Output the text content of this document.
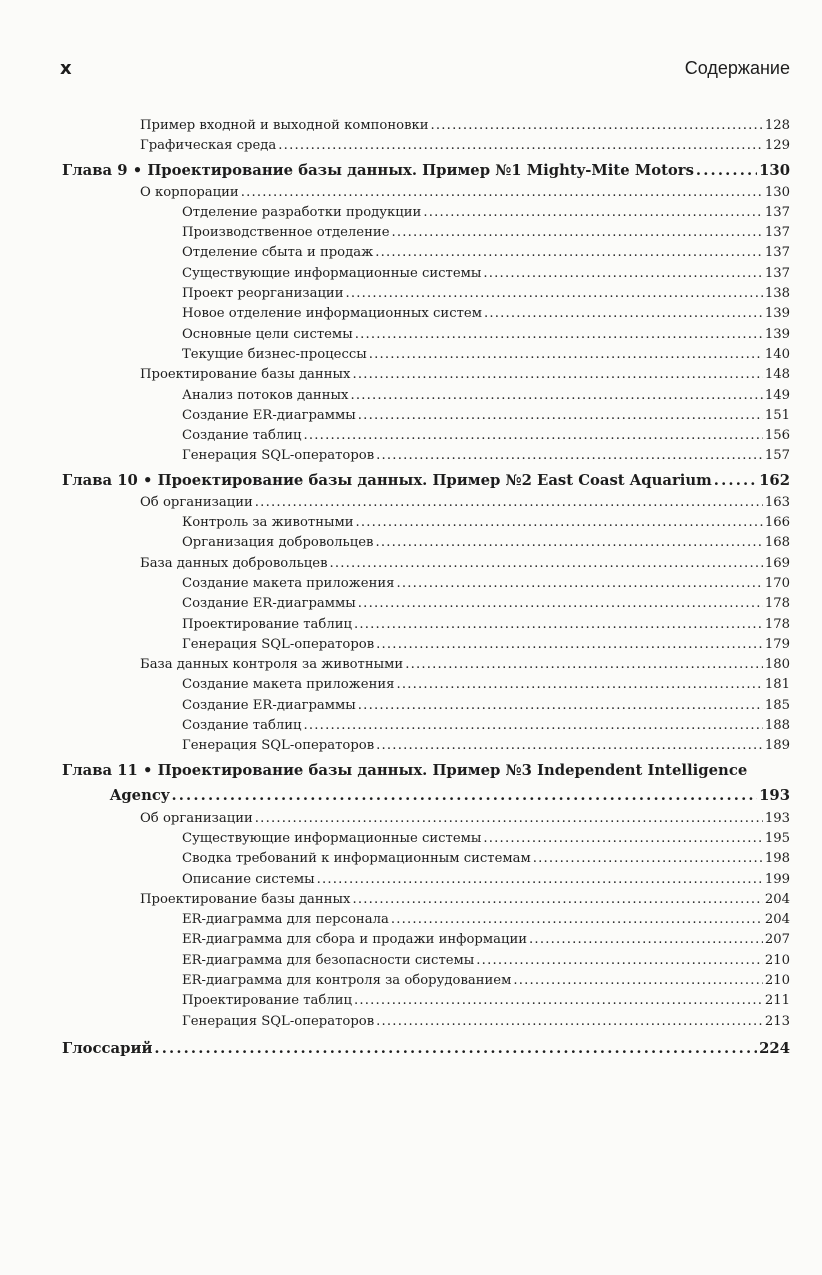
x	Содержание
Пример входной и выходной компоновки . . .	128
Графическая среда . . .	129
Глава 9 • Проектирование базы данных. Пример №1 Mighty-Mite Motors . . .	130
О корпорации . . .	130
Отделение разработки продукции . . .	137
Производственное отделение . . .	137
Отделение сбыта и продаж . . .	137
Существующие информационные системы . . .	137
Проект реорганизации . . .	138
Новое отделение информационных систем . . .	139
Основные цели системы . . .	139
Текущие бизнес-процессы . . .	140
Проектирование базы данных . . .	148
Анализ потоков данных . . .	149
Создание ER-диаграммы . . .	151
Создание таблиц . . .	156
Генерация SQL-операторов . . .	157
Глава 10 • Проектирование базы данных. Пример №2 East Coast Aquarium . . .	162
Об организации . . .	163
Контроль за животными . . .	166
Организация добровольцев . . .	168
База данных добровольцев . . .	169
Создание макета приложения . . .	170
Создание ER-диаграммы . . .	178
Проектирование таблиц . . .	178
Генерация SQL-операторов . . .	179
База данных контроля за животными . . .	180
Создание макета приложения . . .	181
Создание ER-диаграммы . . .	185
Создание таблиц . . .	188
Генерация SQL-операторов . . .	189
Глава 11 • Проектирование базы данных. Пример №3 Independent Intelligence
Agency . . .	193
Об организации . . .	193
Существующие информационные системы . . .	195
Сводка требований к информационным системам . . .	198
Описание системы . . .	199
Проектирование базы данных . . .	204
ER-диаграмма для персонала . . .	204
ER-диаграмма для сбора и продажи информации . . .	207
ER-диаграмма для безопасности системы . . .	210
ER-диаграмма для контроля за оборудованием . . .	210
Проектирование таблиц . . .	211
Генерация SQL-операторов . . .	213
Глоссарий . . .	224
